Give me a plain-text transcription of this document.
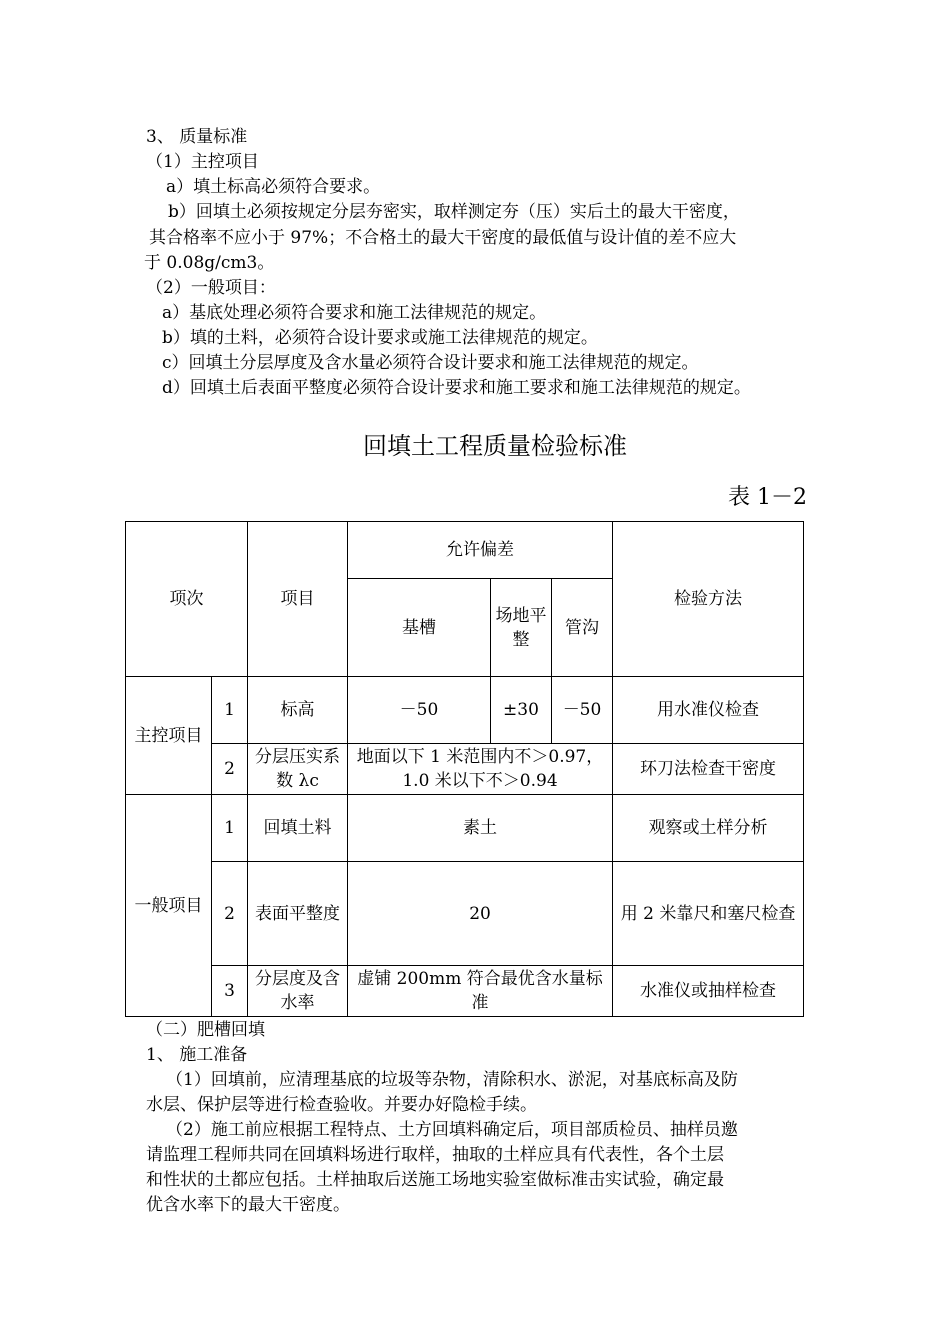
3、 质量标准
（1）主控项目
a）填土标高必须符合要求。
b）回填土必须按规定分层夯密实，取样测定夯（压）实后土的最大干密度，
其合格率不应小于 97%；不合格土的最大干密度的最低值与设计值的差不应大
于 0.08g/cm3。
（2）一般项目：
a）基底处理必须符合要求和施工法律规范的规定。
b）填的土料，必须符合设计要求或施工法律规范的规定。
c）回填土分层厚度及含水量必须符合设计要求和施工法律规范的规定。
d）回填土后表面平整度必须符合设计要求和施工要求和施工法律规范的规定。
回填土工程质量检验标准
表 1－2
项次		项目	允许偏差			检验方法
			基槽	场地平整	管沟	
主控项目	1	标高	－50	±30	－50	用水准仪检查
	2	分层压实系数 λc	地面以下 1 米范围内不＞0.97，1.0 米以下不＞0.94			环刀法检查干密度
一般项目	1	回填土料	素土			观察或土样分析
	2	表面平整度	20			用 2 米靠尺和塞尺检查
	3	分层度及含水率	虚铺 200mm 符合最优含水量标准			水准仪或抽样检查
（二）肥槽回填
1、 施工准备
（1）回填前，应清理基底的垃圾等杂物，清除积水、淤泥，对基底标高及防
水层、保护层等进行检查验收。并要办好隐检手续。
（2）施工前应根据工程特点、土方回填料确定后，项目部质检员、抽样员邀
请监理工程师共同在回填料场进行取样，抽取的土样应具有代表性，各个土层
和性状的土都应包括。土样抽取后送施工场地实验室做标准击实试验，确定最
优含水率下的最大干密度。
